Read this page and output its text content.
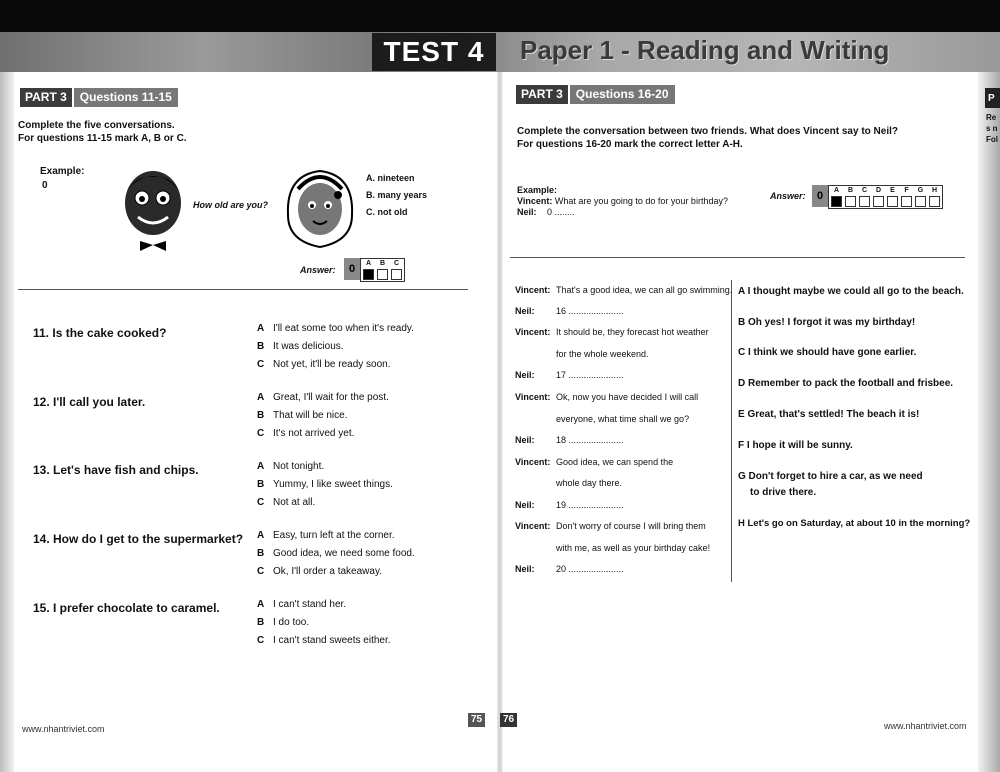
TEST 4	Paper 1 - Reading and Writing
P
Re
s n
Fol
PART 3	Questions 11-15
Complete the five conversations.
For questions 11-15 mark A, B or C.
Example:
0
How old are you?
A. nineteen
B. many years
C. not old
Answer:	0	A B C
11. Is the cake cooked?	A I'll eat some too when it's ready.
B It was delicious.
C Not yet, it'll be ready soon.
12. I'll call you later.	A Great, I'll wait for the post.
B That will be nice.
C It's not arrived yet.
13. Let's have fish and chips.	A Not tonight.
B Yummy, I like sweet things.
C Not at all.
14. How do I get to the supermarket? A Easy, turn left at the corner.
B Good idea, we need some food.
C Ok, I'll order a takeaway.
15. I prefer chocolate to caramel.	A I can't stand her.
B I do too.
C I can't stand sweets either.
www.nhantriviet.com
75
PART 3	Questions 16-20
Complete the conversation between two friends. What does Vincent say to Neil?
For questions 16-20 mark the correct letter A-H.
Example:
Vincent: What are you going to do for your birthday?
Neil: 0 ........
Answer:	0	A B C D E F G H
Vincent: That's a good idea, we can all go swimming.
Neil: 16 ......................
Vincent: It should be, they forecast hot weather
for the whole weekend.
Neil: 17 ......................
Vincent: Ok, now you have decided I will call
everyone, what time shall we go?
Neil: 18 ......................
Vincent: Good idea, we can spend the
whole day there.
Neil: 19 ......................
Vincent: Don't worry of course I will bring them
with me, as well as your birthday cake!
Neil: 20 ......................
A I thought maybe we could all go to the beach.
B Oh yes! I forgot it was my birthday!
C I think we should have gone earlier.
D Remember to pack the football and frisbee.
E Great, that's settled! The beach it is!
F I hope it will be sunny.
G Don't forget to hire a car, as we need
to drive there.
H Let's go on Saturday, at about 10 in the morning?
76
www.nhantriviet.com
